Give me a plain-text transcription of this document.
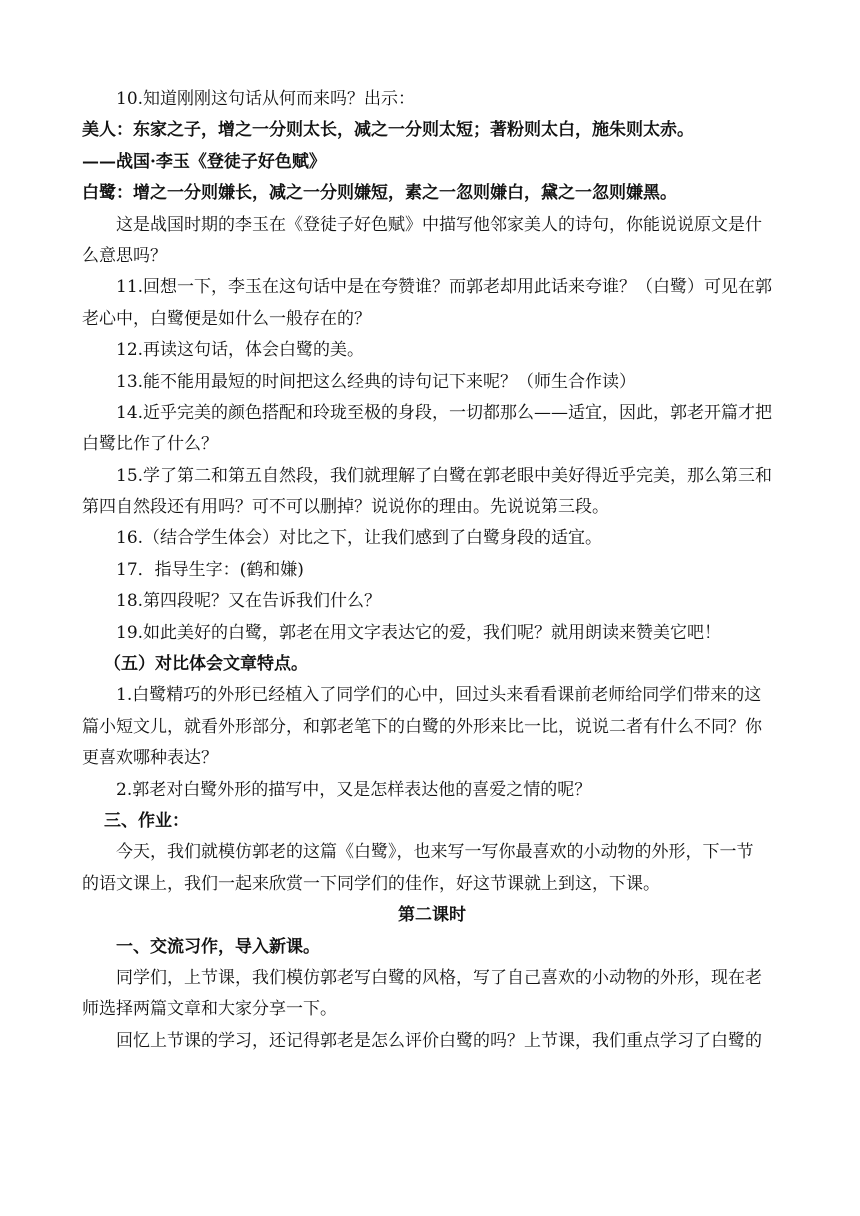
10.知道刚刚这句话从何而来吗？出示：
美人：东家之子，增之一分则太长，减之一分则太短；著粉则太白，施朱则太赤。
——战国·李玉《登徒子好色赋》
白鹭：增之一分则嫌长，减之一分则嫌短，素之一忽则嫌白，黛之一忽则嫌黑。
这是战国时期的李玉在《登徒子好色赋》中描写他邻家美人的诗句，你能说说原文是什
么意思吗？
11.回想一下，李玉在这句话中是在夸赞谁？而郭老却用此话来夸谁？（白鹭）可见在郭
老心中，白鹭便是如什么一般存在的？
12.再读这句话，体会白鹭的美。
13.能不能用最短的时间把这么经典的诗句记下来呢？（师生合作读）
14.近乎完美的颜色搭配和玲珑至极的身段，一切都那么——适宜，因此，郭老开篇才把
白鹭比作了什么？
15.学了第二和第五自然段，我们就理解了白鹭在郭老眼中美好得近乎完美，那么第三和
第四自然段还有用吗？可不可以删掉？说说你的理由。先说说第三段。
16.（结合学生体会）对比之下，让我们感到了白鹭身段的适宜。
17．指导生字：(鹤和嫌)
18.第四段呢？又在告诉我们什么？
19.如此美好的白鹭，郭老在用文字表达它的爱，我们呢？就用朗读来赞美它吧！
（五）对比体会文章特点。
1.白鹭精巧的外形已经植入了同学们的心中，回过头来看看课前老师给同学们带来的这
篇小短文儿，就看外形部分，和郭老笔下的白鹭的外形来比一比，说说二者有什么不同？你
更喜欢哪种表达？
2.郭老对白鹭外形的描写中，又是怎样表达他的喜爱之情的呢？
三、作业：
今天，我们就模仿郭老的这篇《白鹭》，也来写一写你最喜欢的小动物的外形，下一节
的语文课上，我们一起来欣赏一下同学们的佳作，好这节课就上到这，下课。
第二课时
一、交流习作，导入新课。
同学们，上节课，我们模仿郭老写白鹭的风格，写了自己喜欢的小动物的外形，现在老
师选择两篇文章和大家分享一下。
回忆上节课的学习，还记得郭老是怎么评价白鹭的吗？上节课，我们重点学习了白鹭的
